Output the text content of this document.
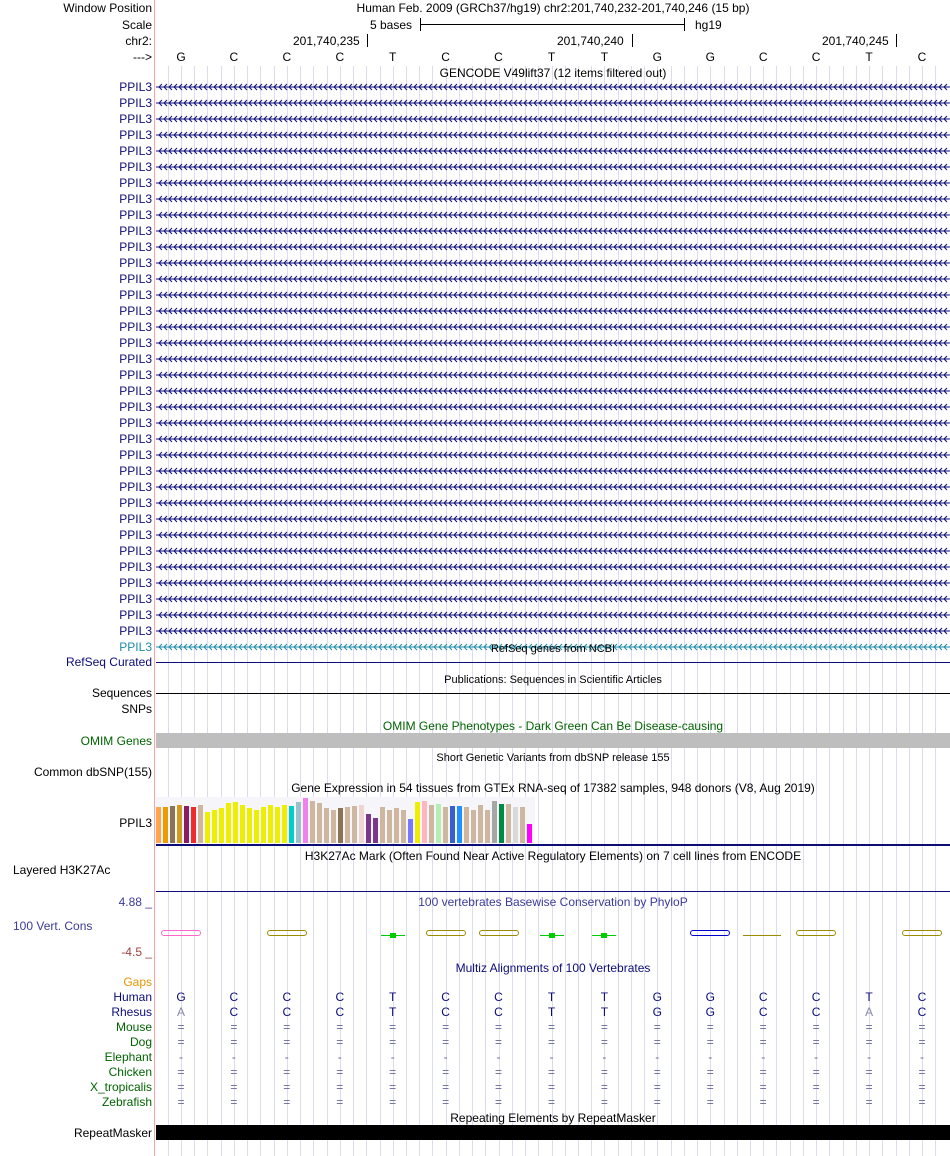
Window Position	Human Feb. 2009 (GRCh37/hg19) chr2:201,740,232-201,740,246 (15 bp)
Scale	5 bases	hg19
chr2:	201,740,235	201,740,240	201,740,245
---> G	C	C	C	T	C	C	T	T	G	G	C	C	T	C
GENCODE V49lift37 (12 items filtered out)
PPIL3
PPIL3
PPIL3
PPIL3
PPIL3
PPIL3
PPIL3
PPIL3
PPIL3
PPIL3
PPIL3
PPIL3
PPIL3
PPIL3
PPIL3
PPIL3
PPIL3
PPIL3
PPIL3
PPIL3
PPIL3
PPIL3
PPIL3
PPIL3
PPIL3
PPIL3
PPIL3
PPIL3
PPIL3
PPIL3
PPIL3
PPIL3
PPIL3
PPIL3
PPIL3
PPIL3	RefSeq genes from NCBI
RefSeq Curated
Publications: Sequences in Scientific Articles
Sequences
SNPs
OMIM Gene Phenotypes - Dark Green Can Be Disease-causing
OMIM Genes
Short Genetic Variants from dbSNP release 155
Common dbSNP(155)
Gene Expression in 54 tissues from GTEx RNA-seq of 17382 samples, 948 donors (V8, Aug 2019)
PPIL3
H3K27Ac Mark (Often Found Near Active Regulatory Elements) on 7 cell lines from ENCODE
Layered H3K27Ac
100 vertebrates Basewise Conservation by PhyloP
4.88 _
100 Vert. Cons
-4.5 _
Multiz Alignments of 100 Vertebrates
Gaps
Human G	C	C	C	T	C	C	T	T	G	G	C	C	T	C
Rhesus A	C	C	C	T	C	C	T	T	G	G	C	C	A	C
Mouse =	=	=	=	=	=	=	=	=	=	=	=	=	=	=
Dog =	=	=	=	=	=	=	=	=	=	=	=	=	=	=
Elephant	-	-	-	-	-	-	-	-	-	-	-	-	-	-	-
Chicken =	=	=	=	=	=	=	=	=	=	=	=	=	=	=
X_tropicalis =	=	=	=	=	=	=	=	=	=	=	=	=	=	=
Zebrafish =	=	=	=	=	=	=	=	=	=	=	=	=	=	=
Repeating Elements by RepeatMasker
RepeatMasker
